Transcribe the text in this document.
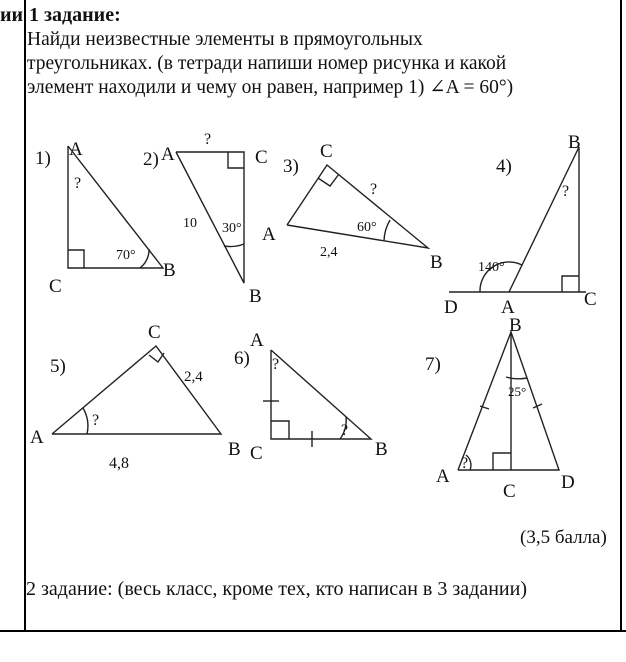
ии 1 задание:
Найди неизвестные элементы в прямоугольных
треугольниках. (в тетради напиши номер рисунка и какой
элемент находили и чему он равен, например 1) ∠A = 60°)
1) A
C
B
?
70°
2) A	C
B
?
10 30°
3)
C
A
B
?
2,4
60°
4)
B
D A	C
?
140°
5)
C
A
B
?
2,4
4,8
6)
A
C	B
?
?
7)
B
A
C D
?
25°
(3,5 балла)
2 задание: (весь класс, кроме тех, кто написан в 3 задании)
